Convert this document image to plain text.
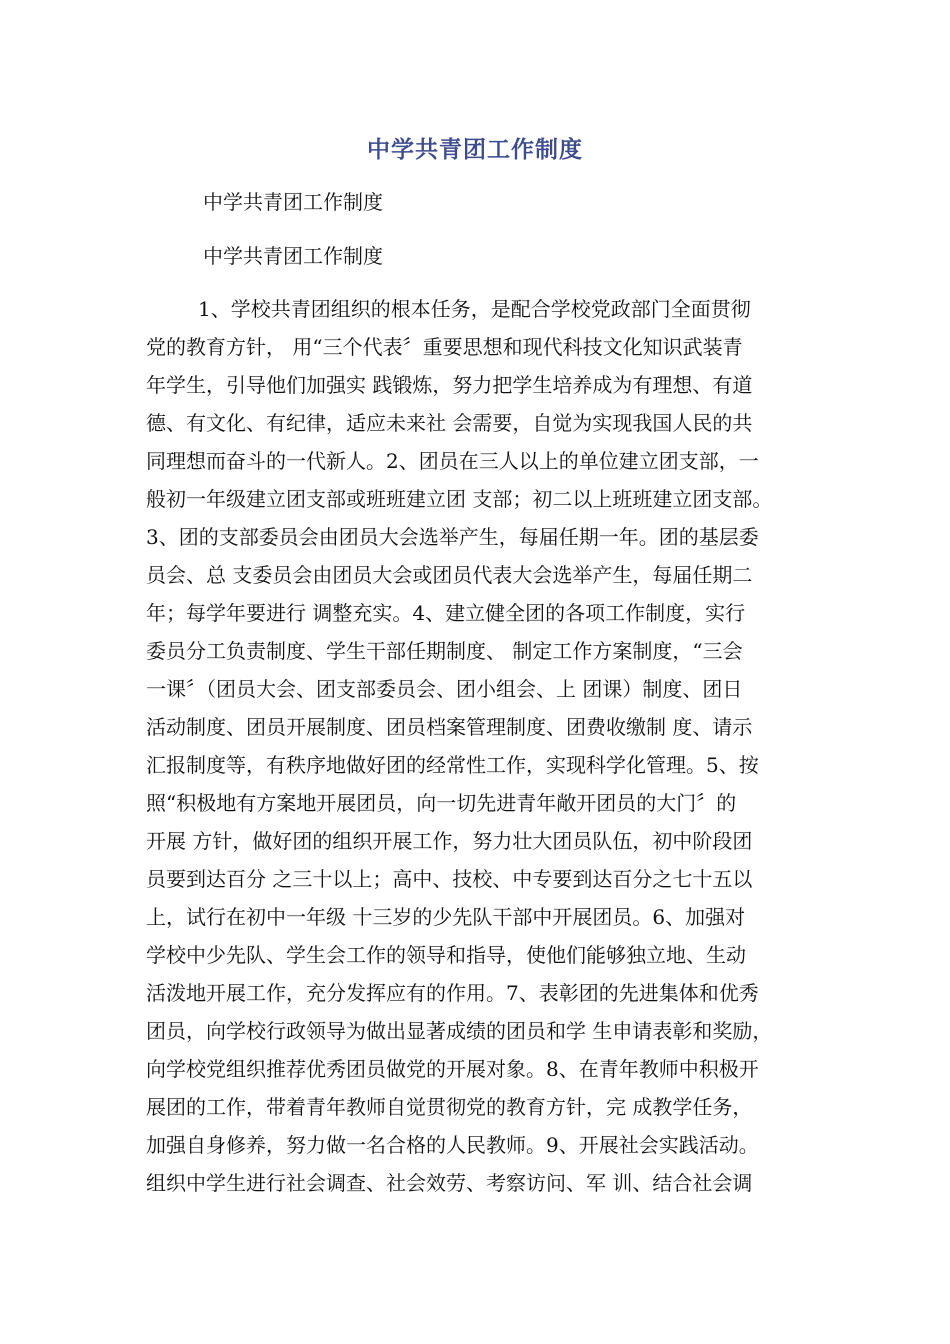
中学共青团工作制度

中学共青团工作制度

中学共青团工作制度

1、学校共青团组织的根本任务，是配合学校党政部门全面贯彻
党的教育方针， 用“三个代表〞重要思想和现代科技文化知识武装青
年学生，引导他们加强实 践锻炼，努力把学生培养成为有理想、有道
德、有文化、有纪律，适应未来社 会需要，自觉为实现我国人民的共
同理想而奋斗的一代新人。2、团员在三人以上的单位建立团支部，一
般初一年级建立团支部或班班建立团 支部；初二以上班班建立团支部。
3、团的支部委员会由团员大会选举产生，每届任期一年。团的基层委
员会、总 支委员会由团员大会或团员代表大会选举产生，每届任期二
年；每学年要进行 调整充实。4、建立健全团的各项工作制度，实行
委员分工负责制度、学生干部任期制度、 制定工作方案制度，“三会
一课〞（团员大会、团支部委员会、团小组会、上 团课）制度、团日
活动制度、团员开展制度、团员档案管理制度、团费收缴制 度、请示
汇报制度等，有秩序地做好团的经常性工作，实现科学化管理。5、按
照“积极地有方案地开展团员，向一切先进青年敞开团员的大门〞的
开展 方针，做好团的组织开展工作，努力壮大团员队伍，初中阶段团
员要到达百分 之三十以上；高中、技校、中专要到达百分之七十五以
上，试行在初中一年级 十三岁的少先队干部中开展团员。6、加强对
学校中少先队、学生会工作的领导和指导，使他们能够独立地、生动
活泼地开展工作，充分发挥应有的作用。7、表彰团的先进集体和优秀
团员，向学校行政领导为做出显著成绩的团员和学 生申请表彰和奖励，
向学校党组织推荐优秀团员做党的开展对象。8、在青年教师中积极开
展团的工作，带着青年教师自觉贯彻党的教育方针，完 成教学任务，
加强自身修养，努力做一名合格的人民教师。9、开展社会实践活动。
组织中学生进行社会调查、社会效劳、考察访问、军 训、结合社会调
